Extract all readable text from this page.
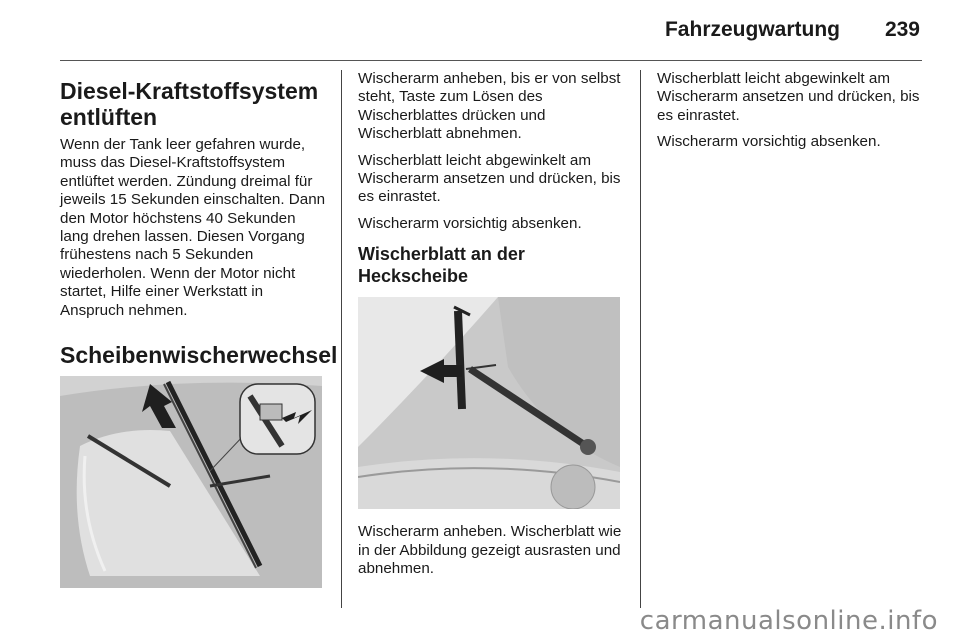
Fahrzeugwartung 239
Diesel-Kraftstoffsystem entlüften

Wenn der Tank leer gefahren wurde, muss das Diesel-Kraftstoffsystem entlüftet werden. Zündung dreimal für jeweils 15 Sekunden einschalten. Dann den Motor höchstens 40 Sekunden lang drehen lassen. Diesen Vorgang frühestens nach 5 Sekunden wiederholen. Wenn der Motor nicht startet, Hilfe einer Werkstatt in Anspruch nehmen.

Scheibenwischerwechsel

Wischerarm anheben, bis er von selbst steht, Taste zum Lösen des Wischerblattes drücken und Wischerblatt abnehmen.

Wischerblatt leicht abgewinkelt am Wischerarm ansetzen und drücken, bis es einrastet.

Wischerarm vorsichtig absenken.

Wischerblatt an der Heckscheibe

Wischerarm anheben. Wischerblatt wie in der Abbildung gezeigt ausrasten und abnehmen.

Wischerblatt leicht abgewinkelt am Wischerarm ansetzen und drücken, bis es einrastet.

Wischerarm vorsichtig absenken.

carmanualsonline.info
